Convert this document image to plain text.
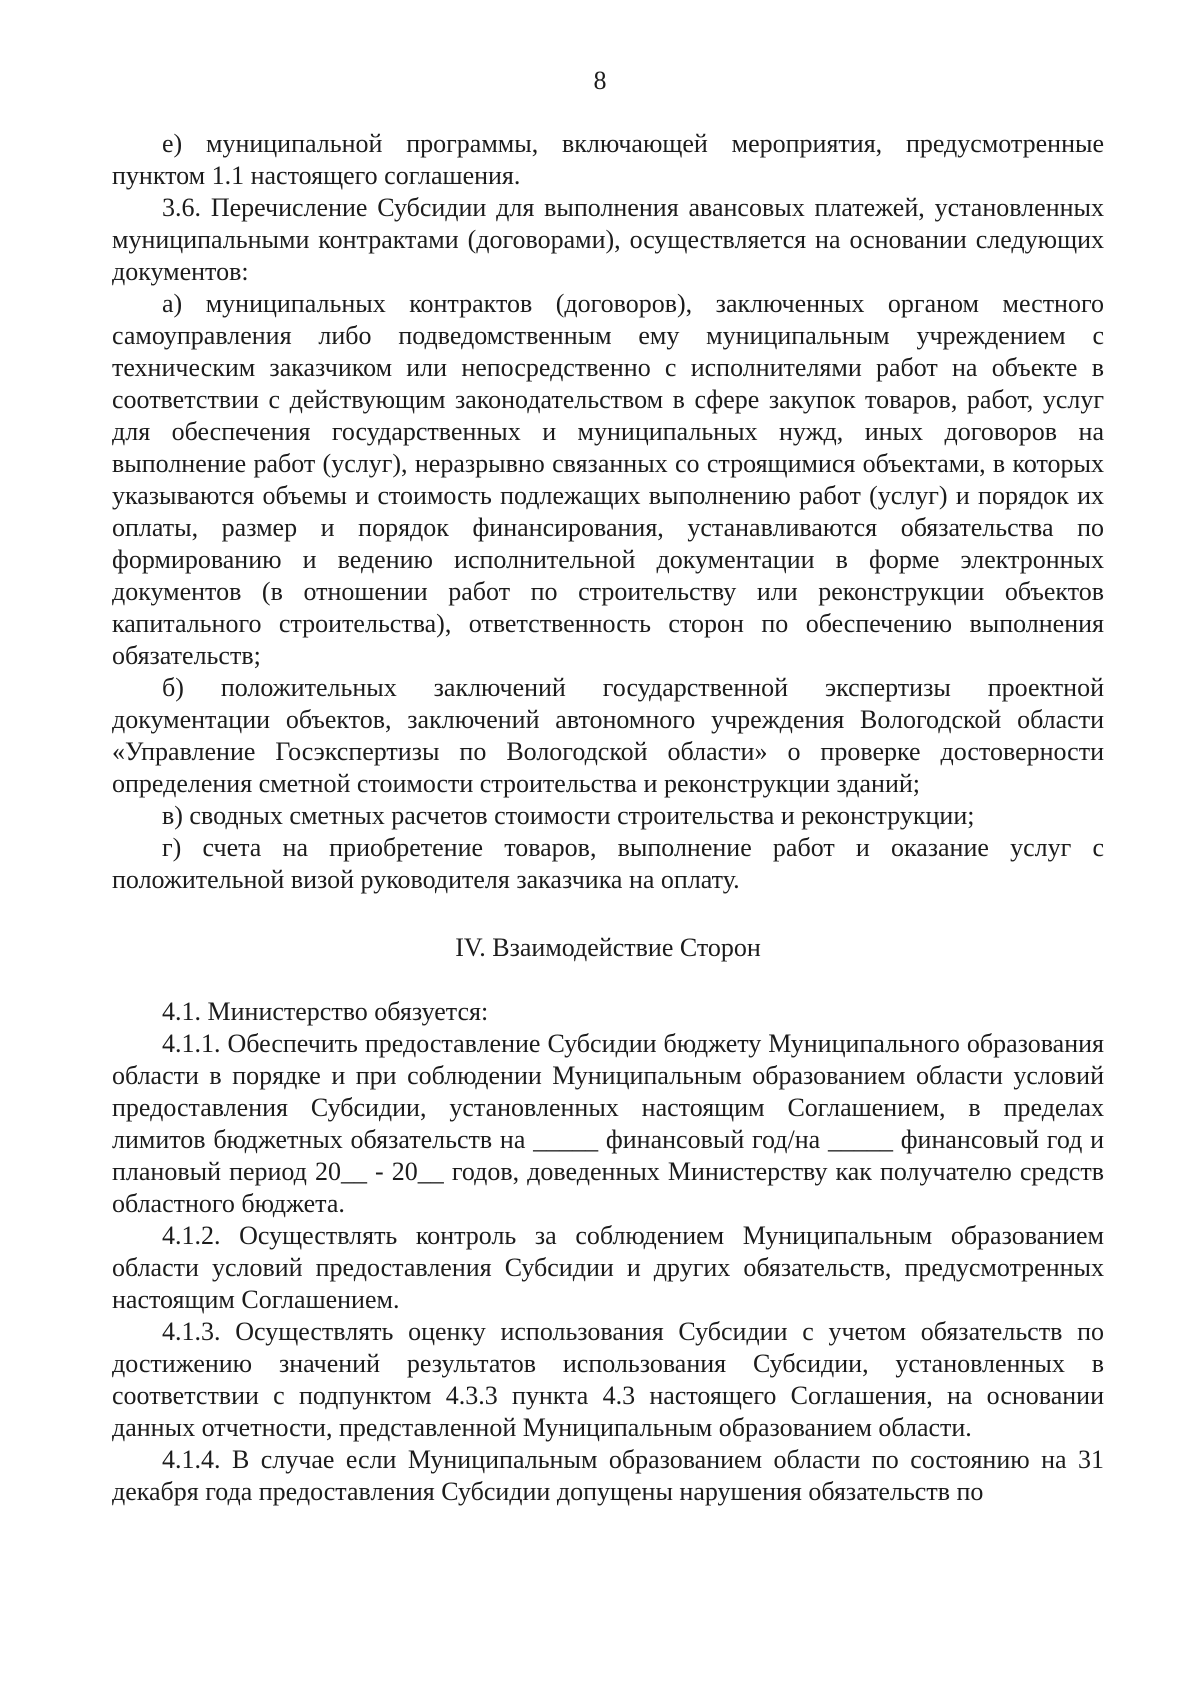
8

е) муниципальной программы, включающей мероприятия, предусмотренные пунктом 1.1 настоящего соглашения.

3.6. Перечисление Субсидии для выполнения авансовых платежей, установленных муниципальными контрактами (договорами), осуществляется на основании следующих документов:

а) муниципальных контрактов (договоров), заключенных органом местного самоуправления либо подведомственным ему муниципальным учреждением с техническим заказчиком или непосредственно с исполнителями работ на объекте в соответствии с действующим законодательством в сфере закупок товаров, работ, услуг для обеспечения государственных и муниципальных нужд, иных договоров на выполнение работ (услуг), неразрывно связанных со строящимися объектами, в которых указываются объемы и стоимость подлежащих выполнению работ (услуг) и порядок их оплаты, размер и порядок финансирования, устанавливаются обязательства по формированию и ведению исполнительной документации в форме электронных документов (в отношении работ по строительству или реконструкции объектов капитального строительства), ответственность сторон по обеспечению выполнения обязательств;

б) положительных заключений государственной экспертизы проектной документации объектов, заключений автономного учреждения Вологодской области «Управление Госэкспертизы по Вологодской области» о проверке достоверности определения сметной стоимости строительства и реконструкции зданий;

в) сводных сметных расчетов стоимости строительства и реконструкции;

г) счета на приобретение товаров, выполнение работ и оказание услуг с положительной визой руководителя заказчика на оплату.

IV. Взаимодействие Сторон

4.1. Министерство обязуется:

4.1.1. Обеспечить предоставление Субсидии бюджету Муниципального образования области в порядке и при соблюдении Муниципальным образованием области условий предоставления Субсидии, установленных настоящим Соглашением, в пределах лимитов бюджетных обязательств на _____ финансовый год/на _____ финансовый год и плановый период 20__ - 20__ годов, доведенных Министерству как получателю средств областного бюджета.

4.1.2. Осуществлять контроль за соблюдением Муниципальным образованием области условий предоставления Субсидии и других обязательств, предусмотренных настоящим Соглашением.

4.1.3. Осуществлять оценку использования Субсидии с учетом обязательств по достижению значений результатов использования Субсидии, установленных в соответствии с подпунктом 4.3.3 пункта 4.3 настоящего Соглашения, на основании данных отчетности, представленной Муниципальным образованием области.

4.1.4. В случае если Муниципальным образованием области по состоянию на 31 декабря года предоставления Субсидии допущены нарушения обязательств по
